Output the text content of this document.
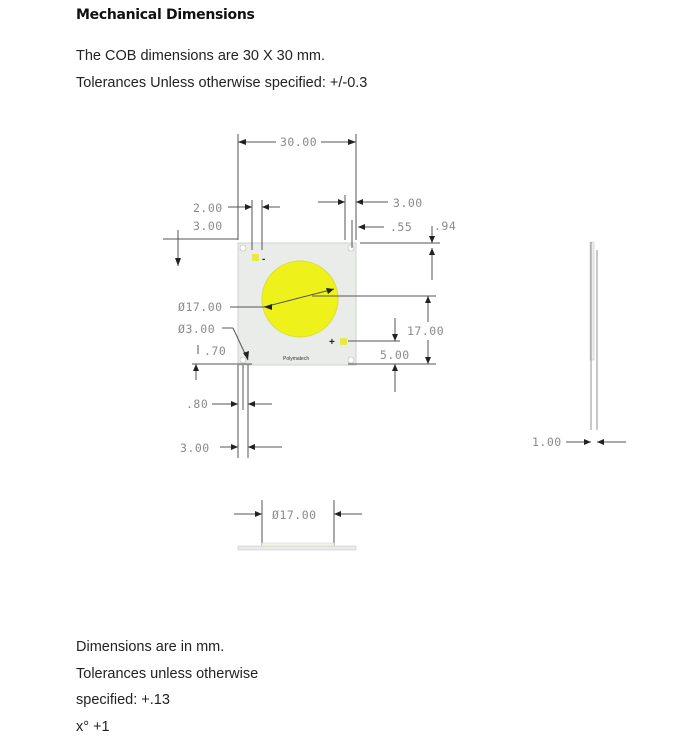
Mechanical Dimensions
The COB dimensions are 30 X 30 mm.
Tolerances Unless otherwise specified: +/-0.3
-
+
Polymatech
30.00
2.00
3.00
3.00
.55 .94
Ø17.00
Ø3.00
.70
17.00
5.00
.80
3.00	1.00
Ø17.00
Dimensions are in mm.
Tolerances unless otherwise
specified: +.13
x° +1
